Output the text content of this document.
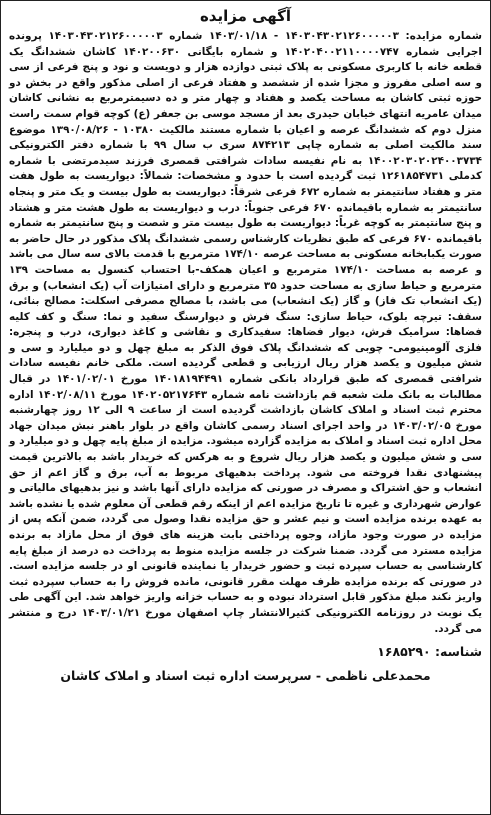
آگهی مزایده

شماره مزایده: ۱۴۰۳۰۴۳۰۲۱۲۶۰۰۰۰۰۳ - ۱۴۰۳/۰۱/۱۸ شماره ۱۴۰۳۰۴۳۰۲۱۲۶۰۰۰۰۰۳ پرونده اجرایی شماره ۱۴۰۲۰۴۰۰۲۱۱۰۰۰۰۷۴۷ و شماره بایگانی ۱۴۰۲۰۰۶۳۰ کاشان ششدانگ یک قطعه خانه با کاربری مسکونی به پلاک ثبتی دوازده هزار و دویست و نود و پنج فرعی از سی و سه اصلی مفروز و مجزا شده از ششصد و هفتاد فرعی از اصلی مذکور واقع در بخش دو حوزه ثبتی کاشان به مساحت یکصد و هفتاد و چهار متر و ده دسیمترمربع به نشانی کاشان میدان عامریه انتهای خیابان حیدری بعد از مسجد موسی بن جعفر (ع) کوچه قوام سمت راست منزل دوم که ششدانگ عرصه و اعیان با شماره مستند مالکیت ۱۰۳۸۰ - ۱۳۹۰/۰۸/۲۶ موضوع سند مالکیت اصلی به شماره چاپی ۸۷۴۲۱۳ سری ب سال ۹۹ با شماره دفتر الکترونیکی ۱۴۰۰۲۰۳۰۲۰۲۴۰۰۳۷۳۴ به نام نفیسه سادات شرافتی قمصری فرزند سیدمرتضی با شماره کدملی ۱۲۶۱۸۵۴۷۳۱ ثبت گردیده است با حدود و مشخصات: شمالاً: دیواریست به طول هفت متر و هفتاد سانتیمتر به شماره ۶۷۲ فرعی شرقاً: دیواریست به طول بیست و یک متر و پنجاه سانتیمتر به شماره باقیمانده ۶۷۰ فرعی جنوباً: درب و دیواریست به طول هشت متر و هشتاد و پنج سانتیمتر به کوچه غرباً: دیواریست به طول بیست متر و شصت و پنج سانتیمتر به شماره باقیمانده ۶۷۰ فرعی که طبق نظریات کارشناس رسمی ششدانگ پلاک مذکور در حال حاضر به صورت یکبابخانه مسکونی به مساحت عرصه ۱۷۴/۱۰ مترمربع با قدمت بالای سه سال می باشد و عرصه به مساحت ۱۷۴/۱۰ مترمربع و اعیان همکف-با احتساب کنسول به مساحت ۱۳۹ مترمربع و حیاط سازی به مساحت حدود ۳۵ مترمربع و دارای امتیازات آب (یک انشعاب) و برق (یک انشعاب تک فاز) و گاز (یک انشعاب) می باشد، با مصالح مصرفی اسکلت: مصالح بنائی، سقف: تیرچه بلوک، حیاط سازی: سنگ فرش و دیوارسنگ سفید و نما: سنگ و کف کلیه فضاها: سرامیک فرش، دیوار فضاها: سفیدکاری و نقاشی و کاغذ دیواری، درب و پنجره: فلزی آلومینیومی- چوبی که ششدانگ پلاک فوق الذکر به مبلغ چهل و دو میلیارد و سی و شش میلیون و یکصد هزار ریال ارزیابی و قطعی گردیده است. ملکی خانم نفیسه سادات شرافتی قمصری که طبق قرارداد بانکی شماره ۱۴۰۱۸۱۹۴۴۹۱ مورخ ۱۴۰۱/۰۲/۰۱ در قبال مطالبات به بانک ملت شعبه قم بازداشت نامه شماره ۱۴۰۲۰۵۲۱۷۶۴۳ مورخ ۱۴۰۲/۰۸/۱۱ اداره محترم ثبت اسناد و املاک کاشان بازداشت گردیده است از ساعت ۹ الی ۱۲ روز چهارشنبه مورخ ۱۴۰۳/۰۲/۰۵ در واحد اجرای اسناد رسمی کاشان واقع در بلوار باهنر نبش میدان جهاد محل اداره ثبت اسناد و املاک به مزایده گزارده میشود. مزایده از مبلغ پایه چهل و دو میلیارد و سی و شش میلیون و یکصد هزار ریال شروع و به هرکس که خریدار باشد به بالاترین قیمت پیشنهادی نقدا فروخته می شود. پرداخت بدهیهای مربوط به آب، برق و گاز اعم از حق انشعاب و حق اشتراک و مصرف در صورتی که مزایده دارای آنها باشد و نیز بدهیهای مالیاتی و عوارض شهرداری و غیره تا تاریخ مزایده اعم از اینکه رقم قطعی آن معلوم شده یا نشده باشد به عهده برنده مزایده است و نیم عشر و حق مزایده نقدا وصول می گردد، ضمن آنکه پس از مزایده در صورت وجود مازاد، وجوه پرداختی بابت هزینه های فوق از محل مازاد به برنده مزایده مسترد می گردد. ضمنا شرکت در جلسه مزایده منوط به پرداخت ده درصد از مبلغ پایه کارشناسی به حساب سپرده ثبت و حضور خریدار یا نماینده قانونی او در جلسه مزایده است. در صورتی که برنده مزایده ظرف مهلت مقرر قانونی، مانده فروش را به حساب سپرده ثبت واریز نکند مبلغ مذکور قابل استرداد نبوده و به حساب خزانه واریز خواهد شد. این آگهی طی یک نوبت در روزنامه الکترونیکی کثیرالانتشار چاپ اصفهان مورخ ۱۴۰۳/۰۱/۲۱ درج و منتشر می گردد.

شناسه: ۱۶۸۵۲۹۰
محمدعلی ناظمی - سرپرست اداره ثبت اسناد و املاک کاشان
